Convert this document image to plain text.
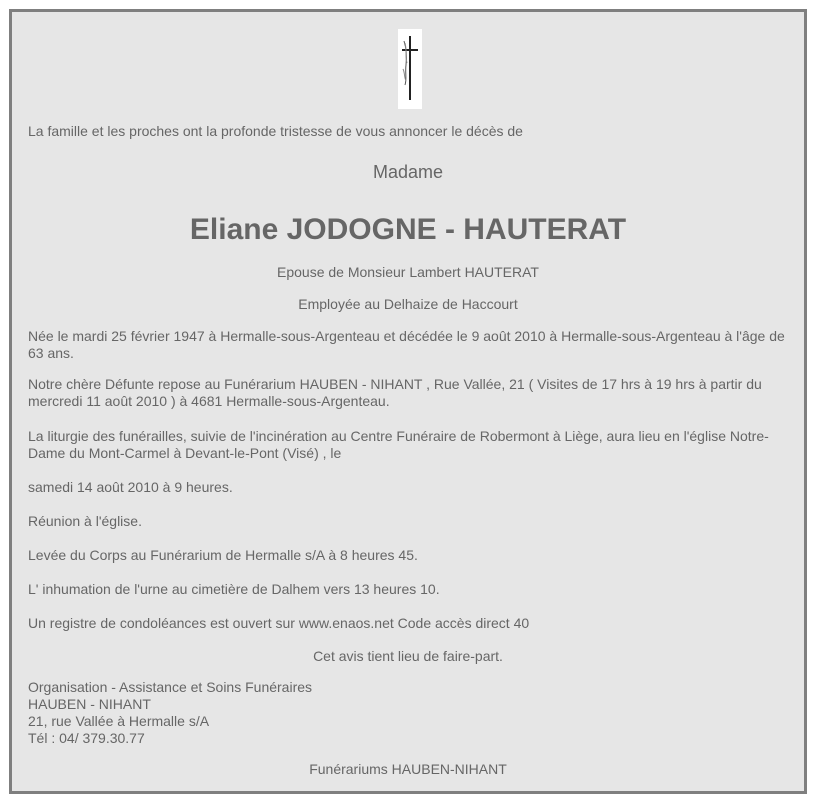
La famille et les proches ont la profonde tristesse de vous annoncer le décès de

Madame

Eliane JODOGNE - HAUTERAT

Epouse de Monsieur Lambert HAUTERAT

Employée au Delhaize de Haccourt

Née le mardi 25 février 1947 à Hermalle-sous-Argenteau et décédée le 9 août 2010 à Hermalle-sous-Argenteau à l'âge de 63 ans.

Notre chère Défunte repose au Funérarium HAUBEN - NIHANT , Rue Vallée, 21 ( Visites de 17 hrs à 19 hrs à partir du mercredi 11 août 2010 ) à 4681 Hermalle-sous-Argenteau.

La liturgie des funérailles, suivie de l'incinération au Centre Funéraire de Robermont à Liège, aura lieu en l'église Notre-Dame du Mont-Carmel à Devant-le-Pont (Visé) , le

samedi 14 août 2010 à 9 heures.

Réunion à l'église.

Levée du Corps au Funérarium de Hermalle s/A à 8 heures 45.

L' inhumation de l'urne au cimetière de Dalhem vers 13 heures 10.

Un registre de condoléances est ouvert sur www.enaos.net Code accès direct 40

Cet avis tient lieu de faire-part.

Organisation - Assistance et Soins Funéraires

HAUBEN - NIHANT

21, rue Vallée à Hermalle s/A

Tél : 04/ 379.30.77

Funérariums HAUBEN-NIHANT
